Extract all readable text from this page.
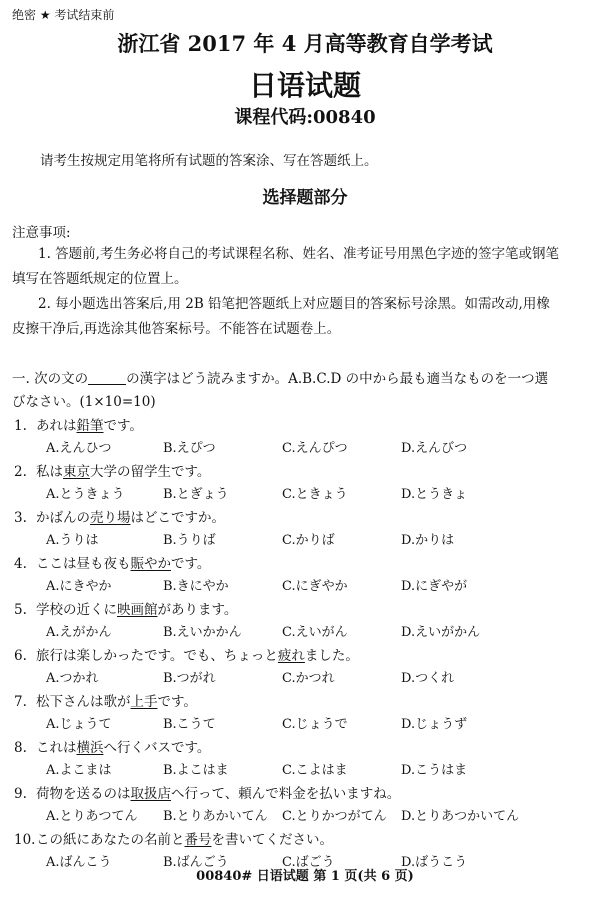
绝密 ★ 考试结束前
浙江省 2017 年 4 月高等教育自学考试
日语试题
课程代码:00840
请考生按规定用笔将所有试题的答案涂、写在答题纸上。
选择题部分
注意事项:

1. 答题前,考生务必将自己的考试课程名称、姓名、准考证号用黑色字迹的签字笔或钢笔

填写在答题纸规定的位置上。

2. 每小题选出答案后,用 2B 铅笔把答题纸上对应题目的答案标号涂黑。如需改动,用橡

皮擦干净后,再选涂其他答案标号。不能答在试题卷上。

一. 次の文の	の漢字はどう読みますか。A.B.C.D の中から最も適当なものを一つ選

びなさい。(1×10=10)

1. あれは鉛筆です。
A.えんひつ	B.えぴつ	C.えんぴつ	D.えんびつ
2. 私は東京大学の留学生です。
A.とうきょう	B.とぎょう	C.ときょう	D.とうきょ
3. かばんの売り場はどこですか。
A.うりは	B.うりば	C.かりば	D.かりは
4. ここは昼も夜も賑やかです。
A.にきやか	B.きにやか	C.にぎやか	D.にぎやが
5. 学校の近くに映画館があります。
A.えがかん	B.えいかかん	C.えいがん	D.えいがかん
6. 旅行は楽しかったです。でも、ちょっと疲れました。
A.つかれ	B.つがれ	C.かつれ	D.つくれ
7. 松下さんは歌が上手です。
A.じょうて	B.こうて	C.じょうで	D.じょうず
8. これは横浜へ行くバスです。
A.よこまは	B.よこはま	C.こよはま	D.こうはま
9. 荷物を送るのは取扱店へ行って、頼んで料金を払いますね。
A.とりあつてん B.とりあかいてん C.とりかつがてん D.とりあつかいてん
10.この紙にあなたの名前と番号を書いてください。
A.ばんこう	B.ばんごう	C.ばごう	D.ばうこう
00840# 日语试题 第 1 页(共 6 页)
